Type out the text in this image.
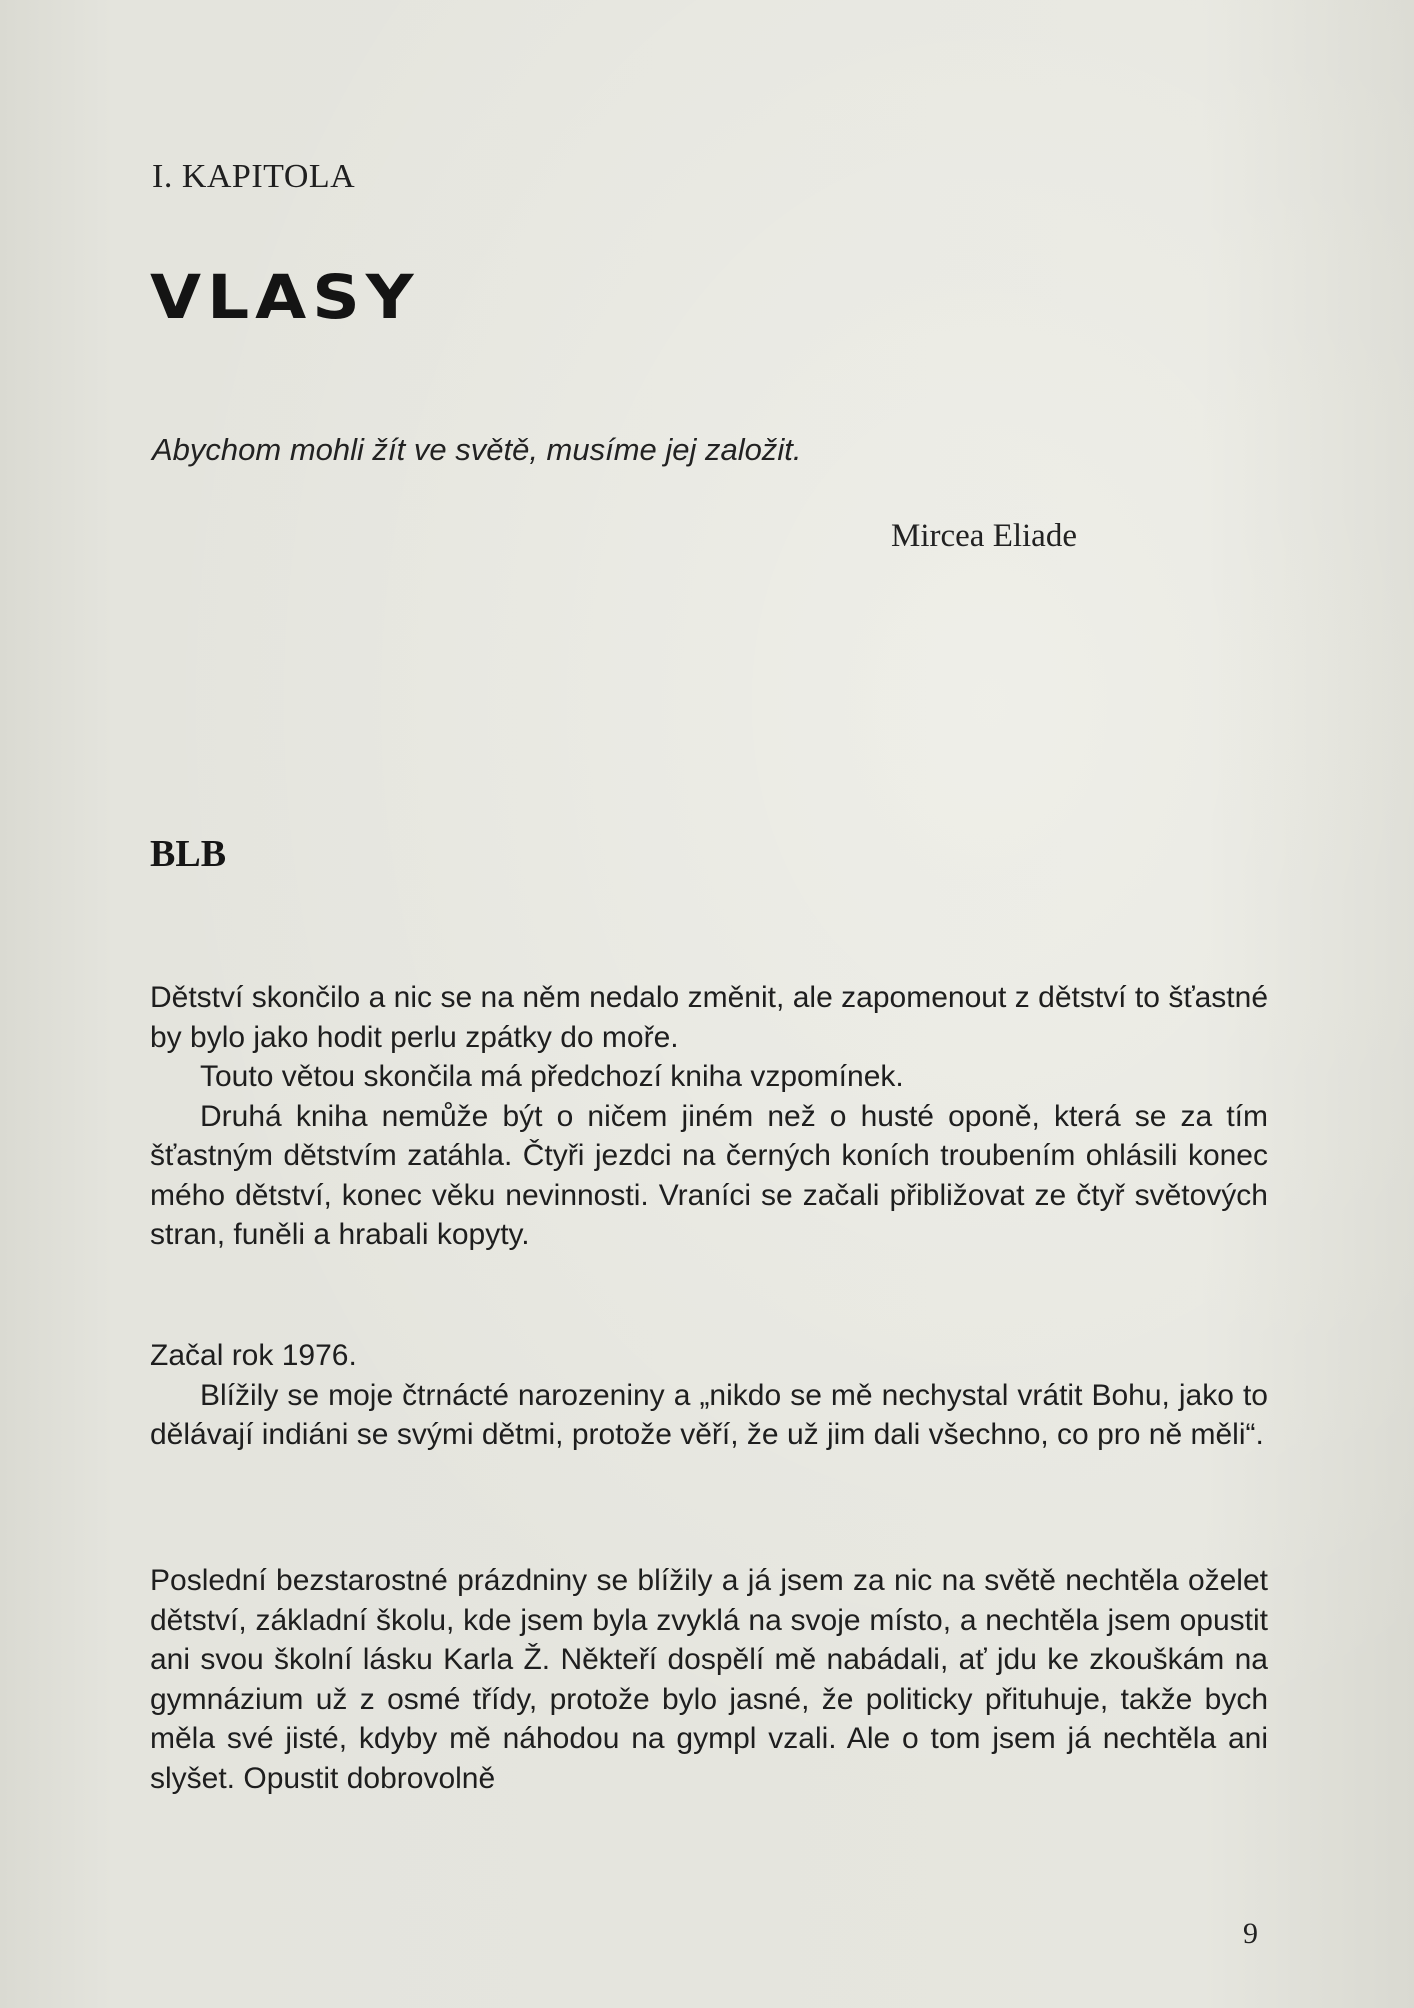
I. KAPITOLA
VLASY
Abychom mohli žít ve světě, musíme jej založit.
Mircea Eliade
BLB

Dětství skončilo a nic se na něm nedalo změnit, ale zapomenout z dětství to šťastné by bylo jako hodit perlu zpátky do moře.

Touto větou skončila má předchozí kniha vzpomínek.

Druhá kniha nemůže být o ničem jiném než o husté oponě, která se za tím šťastným dětstvím zatáhla. Čtyři jezdci na černých koních troubením ohlásili konec mého dětství, konec věku nevinnosti. Vraníci se začali přibližovat ze čtyř světových stran, funěli a hrabali kopyty.

Začal rok 1976.

Blížily se moje čtrnácté narozeniny a „nikdo se mě nechystal vrátit Bohu, jako to dělávají indiáni se svými dětmi, protože věří, že už jim dali všechno, co pro ně měli“.

Poslední bezstarostné prázdniny se blížily a já jsem za nic na světě nechtěla oželet dětství, základní školu, kde jsem byla zvyklá na svoje místo, a nechtěla jsem opustit ani svou školní lásku Karla Ž. Někteří dospělí mě nabádali, ať jdu ke zkouškám na gymnázium už z osmé třídy, protože bylo jasné, že politicky přituhuje, takže bych měla své jisté, kdyby mě náhodou na gympl vzali. Ale o tom jsem já nechtěla ani slyšet. Opustit dobrovolně

9
